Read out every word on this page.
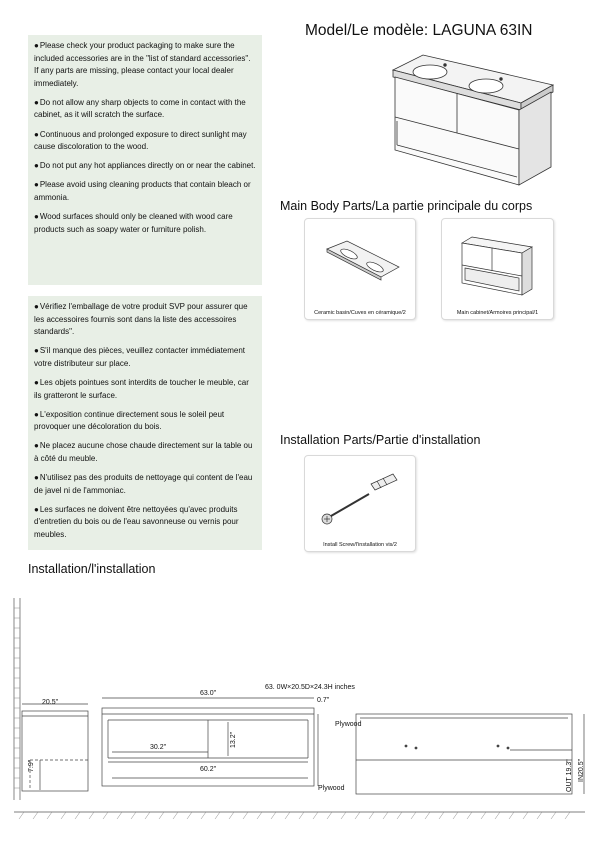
Model/Le modèle: LAGUNA 63IN

● Please check your product packaging to make sure the included accessories are in the "list of standard accessories". If any parts are missing, please contact your local dealer immediately.

● Do not allow any sharp objects to come in contact with the cabinet, as it will scratch the surface.

● Continuous and prolonged exposure to direct sunlight may cause discoloration to the wood.

● Do not put any hot appliances directly on or near the cabinet.

● Please avoid using cleaning products that contain bleach or ammonia.

● Wood surfaces should only be cleaned with wood care products such as soapy water or furniture polish.

● Vérifiez l'emballage de votre produit SVP pour assurer que les accessoires fournis sont dans la liste des accessoires standards".

● S'il manque des pièces, veuillez contacter immédiatement votre distributeur sur place.

● Les objets pointues sont interdits de toucher le meuble, car ils gratteront le surface.

● L'exposition continue directement sous le soleil peut provoquer une décoloration du bois.

● Ne placez aucune chose chaude directement sur la table ou à côté du meuble.

● N'utilisez pas des produits de nettoyage qui content de l'eau de javel ni de l'ammoniac.

● Les surfaces ne doivent être nettoyées qu'avec produits d'entretien du bois ou de l'eau savonneuse ou vernis pour meubles.

Main Body Parts/La partie principale du corps
Installation Parts/Partie d'installation
Installation/l'installation
Ceramic basin/Cuves en céramique/2	Main cabinet/Armoires principal/1
Install Screw/l'installation vis/2
20.5"
7.9"
63.0"
63. 0W×20.5D×24.3H inches
0.7"
30.2"	13.2"
60.2"
Plywood
Plywood	OUT 19.3" IN20.5"
